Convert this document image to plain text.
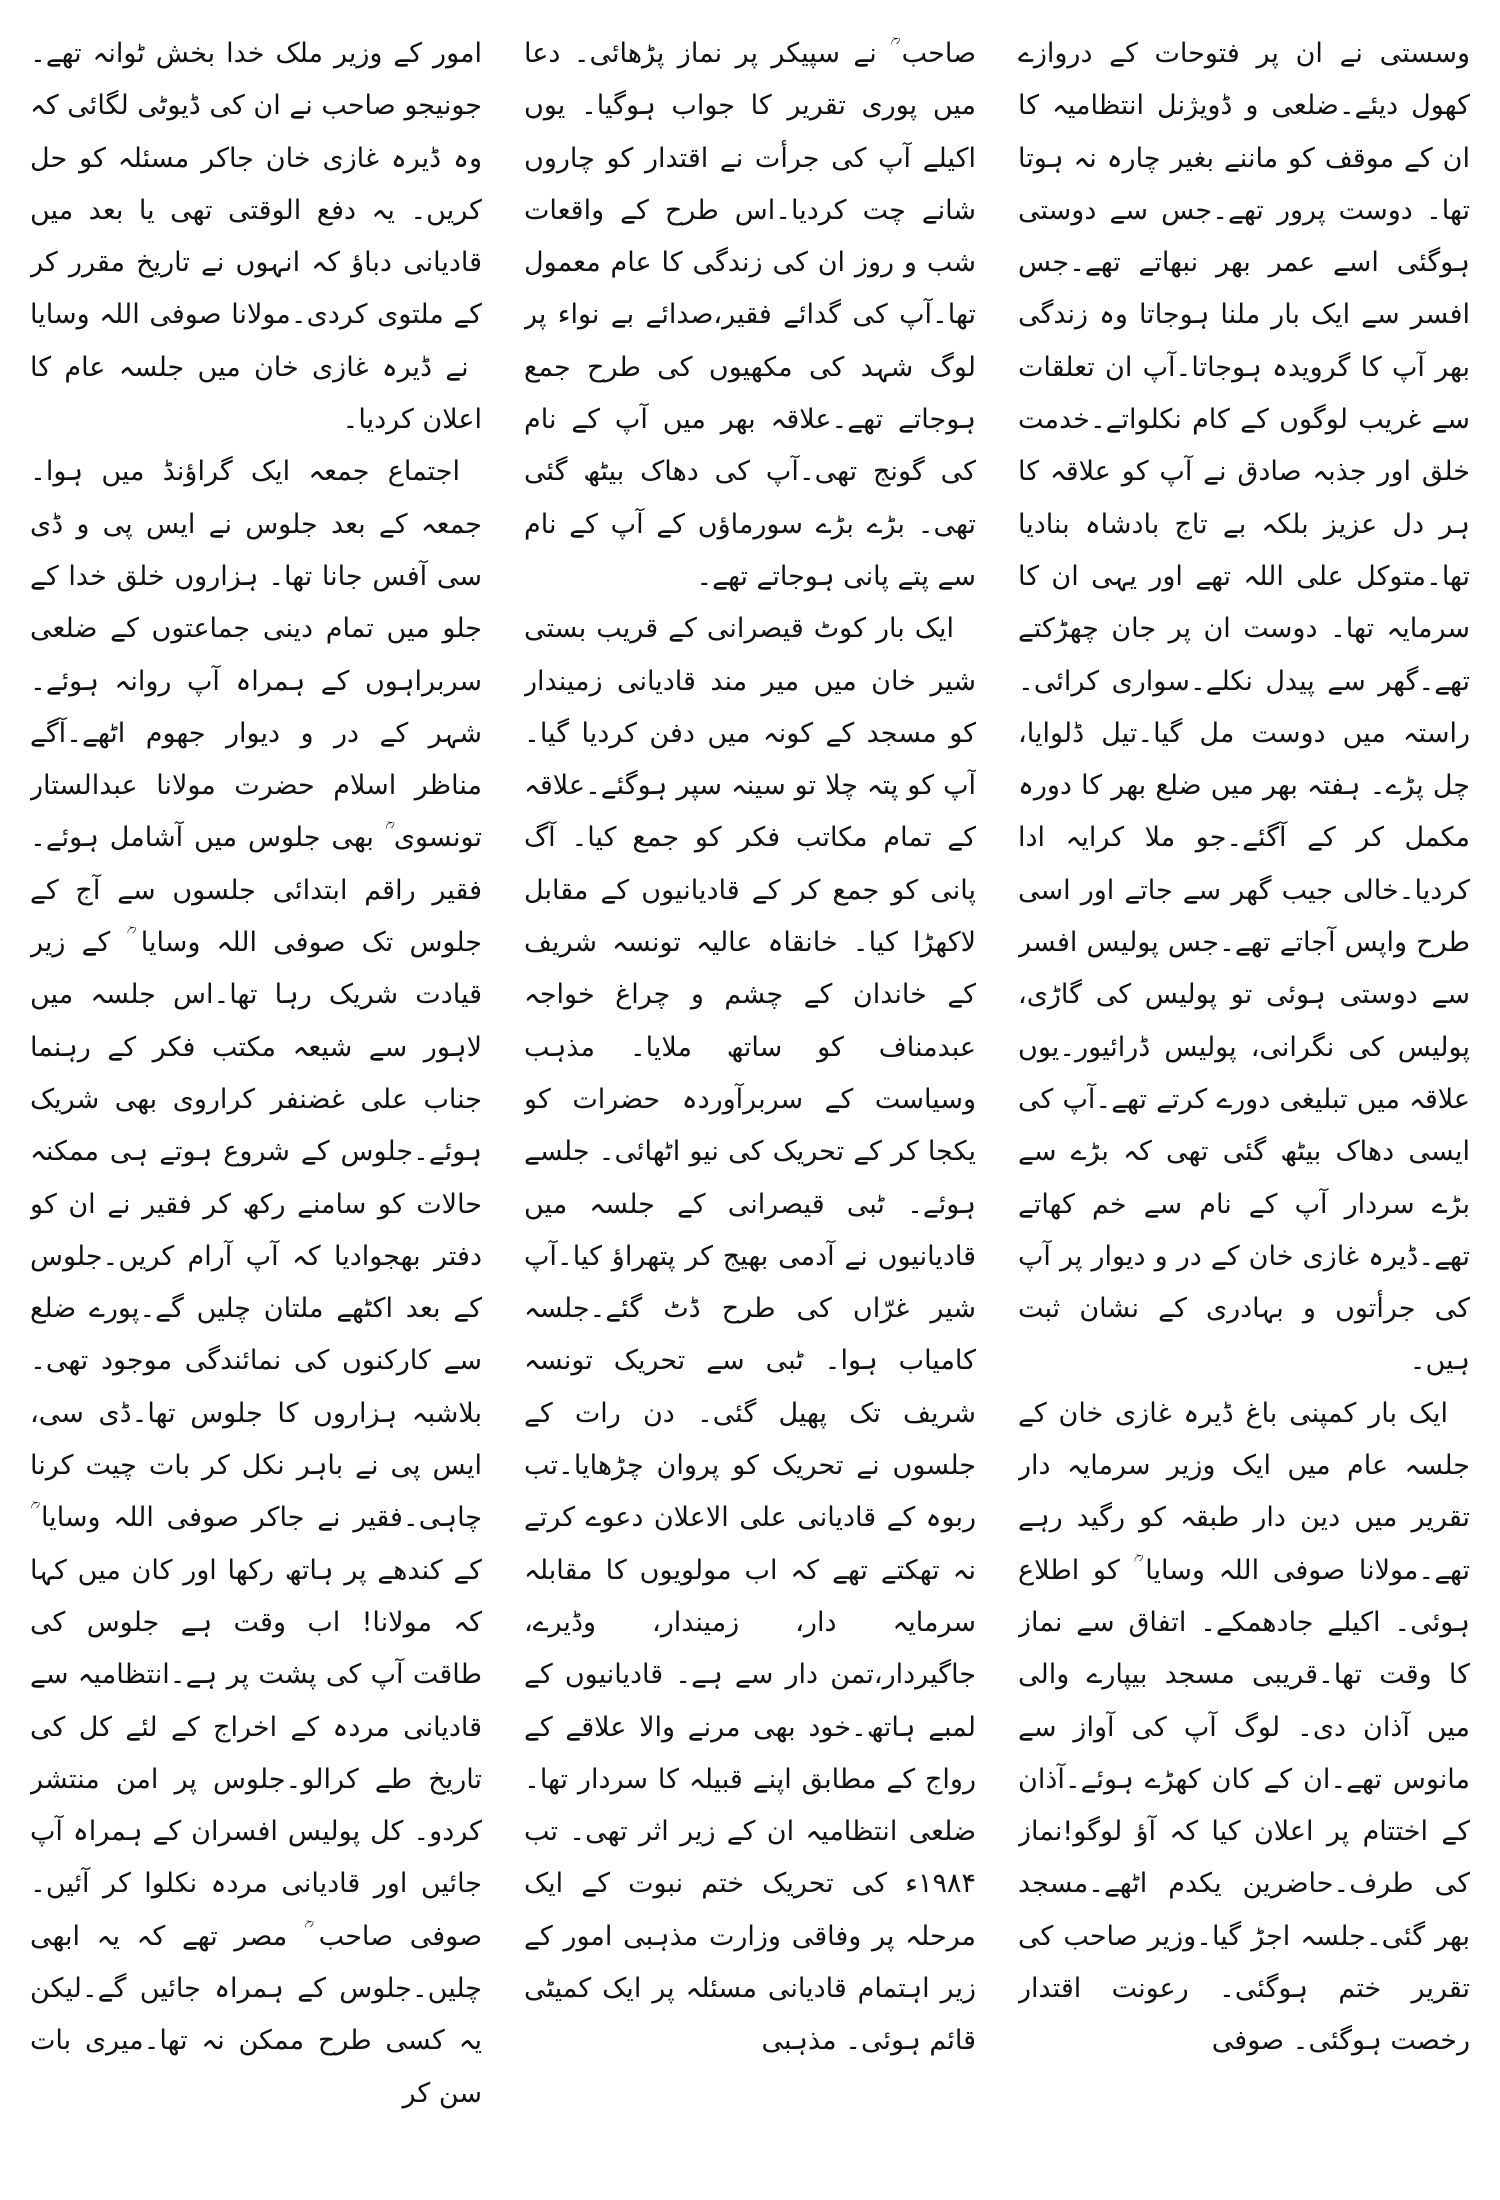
وسستی نے ان پر فتوحات کے دروازے کھول دیئے۔ضلعی و ڈویژنل انتظامیہ کا ان کے موقف کو ماننے بغیر چارہ نہ ہوتا تھا۔ دوست پرور تھے۔جس سے دوستی ہوگئی اسے عمر بھر نبھاتے تھے۔جس افسر سے ایک بار ملنا ہوجاتا وہ زندگی بھر آپ کا گرویدہ ہوجاتا۔آپ ان تعلقات سے غریب لوگوں کے کام نکلواتے۔خدمت خلق اور جذبہ صادق نے آپ کو علاقہ کا ہر دل عزیز بلکہ بے تاج بادشاہ بنادیا تھا۔متوکل علی اللہ تھے اور یہی ان کا سرمایہ تھا۔ دوست ان پر جان چھڑکتے تھے۔گھر سے پیدل نکلے۔سواری کرائی۔راستہ میں دوست مل گیا۔تیل ڈلوایا، چل پڑے۔ ہفتہ بھر میں ضلع بھر کا دورہ مکمل کر کے آگئے۔جو ملا کرایہ ادا کردیا۔خالی جیب گھر سے جاتے اور اسی طرح واپس آجاتے تھے۔جس پولیس افسر سے دوستی ہوئی تو پولیس کی گاڑی، پولیس کی نگرانی، پولیس ڈرائیور۔یوں علاقہ میں تبلیغی دورے کرتے تھے۔آپ کی ایسی دھاک بیٹھ گئی تھی کہ بڑے سے بڑے سردار آپ کے نام سے خم کھاتے تھے۔ڈیرہ غازی خان کے در و دیوار پر آپ کی جرأتوں و بہادری کے نشان ثبت ہیں۔

ایک بار کمپنی باغ ڈیرہ غازی خان کے جلسہ عام میں ایک وزیر سرمایہ دار تقریر میں دین دار طبقہ کو رگید رہے تھے۔مولانا صوفی اللہ وسایا ؒ کو اطلاع ہوئی۔ اکیلے جادھمکے۔ اتفاق سے نماز کا وقت تھا۔قریبی مسجد بیپارے والی میں آذان دی۔ لوگ آپ کی آواز سے مانوس تھے۔ان کے کان کھڑے ہوئے۔آذان کے اختتام پر اعلان کیا کہ آؤ لوگو!نماز کی طرف۔حاضرین یکدم اٹھے۔مسجد بھر گئی۔جلسہ اجڑ گیا۔وزیر صاحب کی تقریر ختم ہوگئی۔ رعونت اقتدار رخصت ہوگئی۔ صوفی

صاحب ؒ نے سپیکر پر نماز پڑھائی۔ دعا میں پوری تقریر کا جواب ہوگیا۔ یوں اکیلے آپ کی جرأت نے اقتدار کو چاروں شانے چت کردیا۔اس طرح کے واقعات شب و روز ان کی زندگی کا عام معمول تھا۔آپ کی گدائے فقیر،صدائے بے نواء پر لوگ شہد کی مکھیوں کی طرح جمع ہوجاتے تھے۔علاقہ بھر میں آپ کے نام کی گونج تھی۔آپ کی دھاک بیٹھ گئی تھی۔ بڑے بڑے سورماؤں کے آپ کے نام سے پتے پانی ہوجاتے تھے۔

ایک بار کوٹ قیصرانی کے قریب بستی شیر خان میں میر مند قادیانی زمیندار کو مسجد کے کونہ میں دفن کردیا گیا۔آپ کو پتہ چلا تو سینہ سپر ہوگئے۔علاقہ کے تمام مکاتب فکر کو جمع کیا۔ آگ پانی کو جمع کر کے قادیانیوں کے مقابل لاکھڑا کیا۔ خانقاہ عالیہ تونسہ شریف کے خاندان کے چشم و چراغ خواجہ عبدمناف کو ساتھ ملایا۔ مذہب وسیاست کے سربرآوردہ حضرات کو یکجا کر کے تحریک کی نیو اٹھائی۔ جلسے ہوئے۔ ٹبی قیصرانی کے جلسہ میں قادیانیوں نے آدمی بھیج کر پتھراؤ کیا۔آپ شیر غرّاں کی طرح ڈٹ گئے۔جلسہ کامیاب ہوا۔ ٹبی سے تحریک تونسہ شریف تک پھیل گئی۔ دن رات کے جلسوں نے تحریک کو پروان چڑھایا۔تب ربوہ کے قادیانی علی الاعلان دعوے کرتے نہ تھکتے تھے کہ اب مولویوں کا مقابلہ سرمایہ دار، زمیندار، وڈیرے، جاگیردار،تمن دار سے ہے۔ قادیانیوں کے لمبے ہاتھ۔خود بھی مرنے والا علاقے کے رواج کے مطابق اپنے قبیلہ کا سردار تھا۔ضلعی انتظامیہ ان کے زیر اثر تھی۔ تب ۱۹۸۴ء کی تحریک ختم نبوت کے ایک مرحلہ پر وفاقی وزارت مذہبی امور کے زیر اہتمام قادیانی مسئلہ پر ایک کمیٹی قائم ہوئی۔ مذہبی

امور کے وزیر ملک خدا بخش ٹوانہ تھے۔ جونیجو صاحب نے ان کی ڈیوٹی لگائی کہ وہ ڈیرہ غازی خان جاکر مسئلہ کو حل کریں۔ یہ دفع الوقتی تھی یا بعد میں قادیانی دباؤ کہ انہوں نے تاریخ مقرر کر کے ملتوی کردی۔مولانا صوفی اللہ وسایا ؒ نے ڈیرہ غازی خان میں جلسہ عام کا اعلان کردیا۔

اجتماع جمعہ ایک گراؤنڈ میں ہوا۔جمعہ کے بعد جلوس نے ایس پی و ڈی سی آفس جانا تھا۔ ہزاروں خلق خدا کے جلو میں تمام دینی جماعتوں کے ضلعی سربراہوں کے ہمراہ آپ روانہ ہوئے۔شہر کے در و دیوار جھوم اٹھے۔آگے مناظر اسلام حضرت مولانا عبدالستار تونسوی ؒ بھی جلوس میں آشامل ہوئے۔فقیر راقم ابتدائی جلسوں سے آج کے جلوس تک صوفی اللہ وسایا ؒ کے زیر قیادت شریک رہا تھا۔اس جلسہ میں لاہور سے شیعہ مکتب فکر کے رہنما جناب علی غضنفر کراروی بھی شریک ہوئے۔جلوس کے شروع ہوتے ہی ممکنہ حالات کو سامنے رکھ کر فقیر نے ان کو دفتر بھجوادیا کہ آپ آرام کریں۔جلوس کے بعد اکٹھے ملتان چلیں گے۔پورے ضلع سے کارکنوں کی نمائندگی موجود تھی۔بلاشبہ ہزاروں کا جلوس تھا۔ڈی سی، ایس پی نے باہر نکل کر بات چیت کرنا چاہی۔فقیر نے جاکر صوفی اللہ وسایا ؒ کے کندھے پر ہاتھ رکھا اور کان میں کہا کہ مولانا! اب وقت ہے جلوس کی طاقت آپ کی پشت پر ہے۔انتظامیہ سے قادیانی مردہ کے اخراج کے لئے کل کی تاریخ طے کرالو۔جلوس پر امن منتشر کردو۔ کل پولیس افسران کے ہمراہ آپ جائیں اور قادیانی مردہ نکلوا کر آئیں۔صوفی صاحب ؒ مصر تھے کہ یہ ابھی چلیں۔جلوس کے ہمراہ جائیں گے۔لیکن یہ کسی طرح ممکن نہ تھا۔میری بات سن کر
